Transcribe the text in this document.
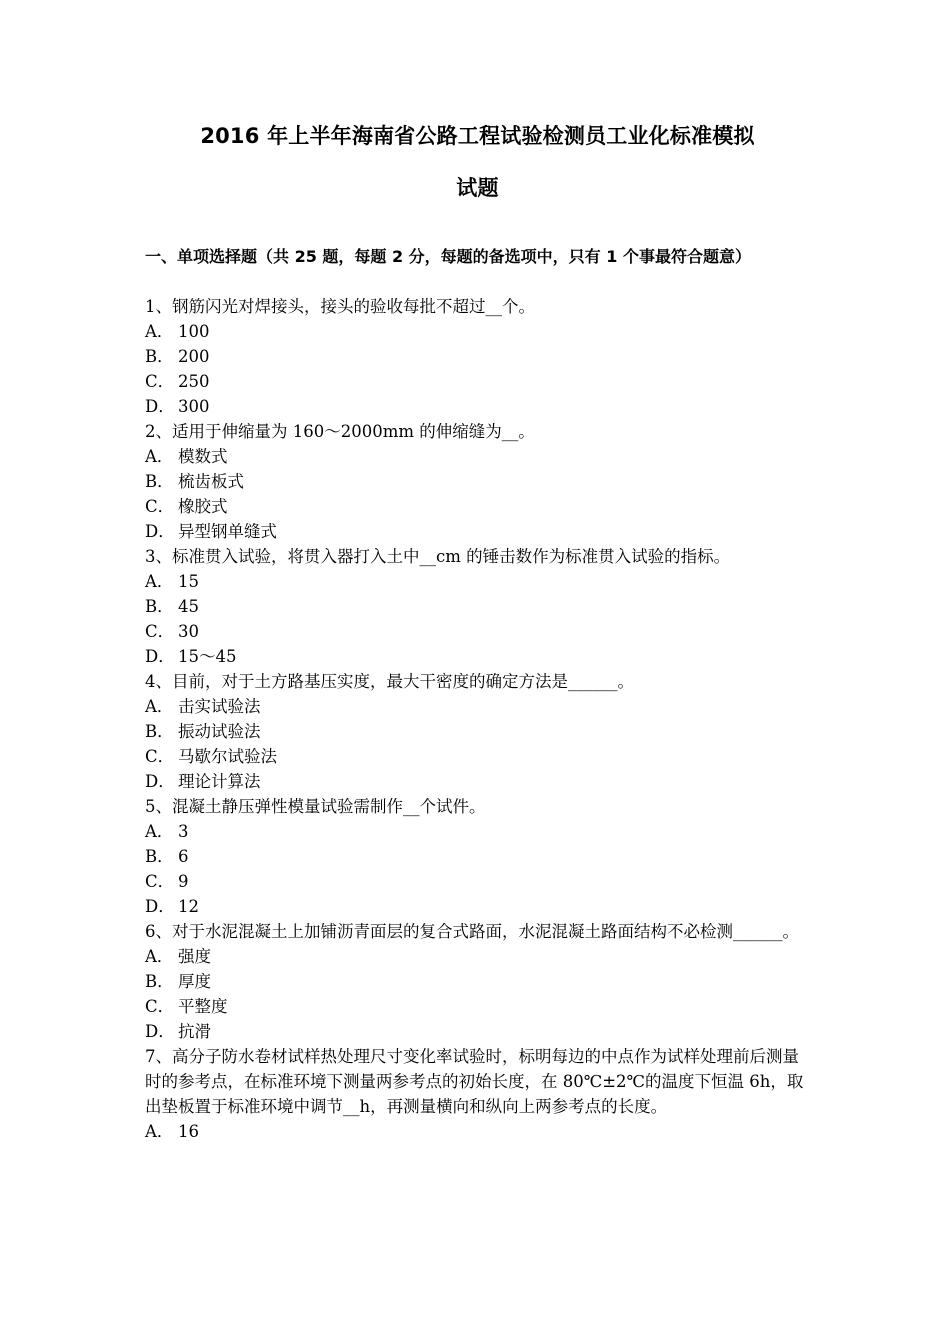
2016 年上半年海南省公路工程试验检测员工业化标准模拟
试题
一、单项选择题（共 25 题，每题 2 分，每题的备选项中，只有 1 个事最符合题意）
1、钢筋闪光对焊接头，接头的验收每批不超过__个。
A． 100
B． 200
C． 250
D． 300
2、适用于伸缩量为 160～2000mm 的伸缩缝为__。
A． 模数式
B． 梳齿板式
C． 橡胶式
D． 异型钢单缝式
3、标准贯入试验，将贯入器打入土中__cm 的锤击数作为标准贯入试验的指标。
A． 15
B． 45
C． 30
D． 15～45
4、目前，对于土方路基压实度，最大干密度的确定方法是______。
A． 击实试验法
B． 振动试验法
C． 马歇尔试验法
D． 理论计算法
5、混凝土静压弹性模量试验需制作__个试件。
A． 3
B． 6
C． 9
D． 12
6、对于水泥混凝土上加铺沥青面层的复合式路面，水泥混凝土路面结构不必检测______。
A． 强度
B． 厚度
C． 平整度
D． 抗滑
7、高分子防水卷材试样热处理尺寸变化率试验时，标明每边的中点作为试样处理前后测量时的参考点，在标准环境下测量两参考点的初始长度，在 80℃±2℃的温度下恒温 6h，取出垫板置于标准环境中调节__h，再测量横向和纵向上两参考点的长度。
A． 16
